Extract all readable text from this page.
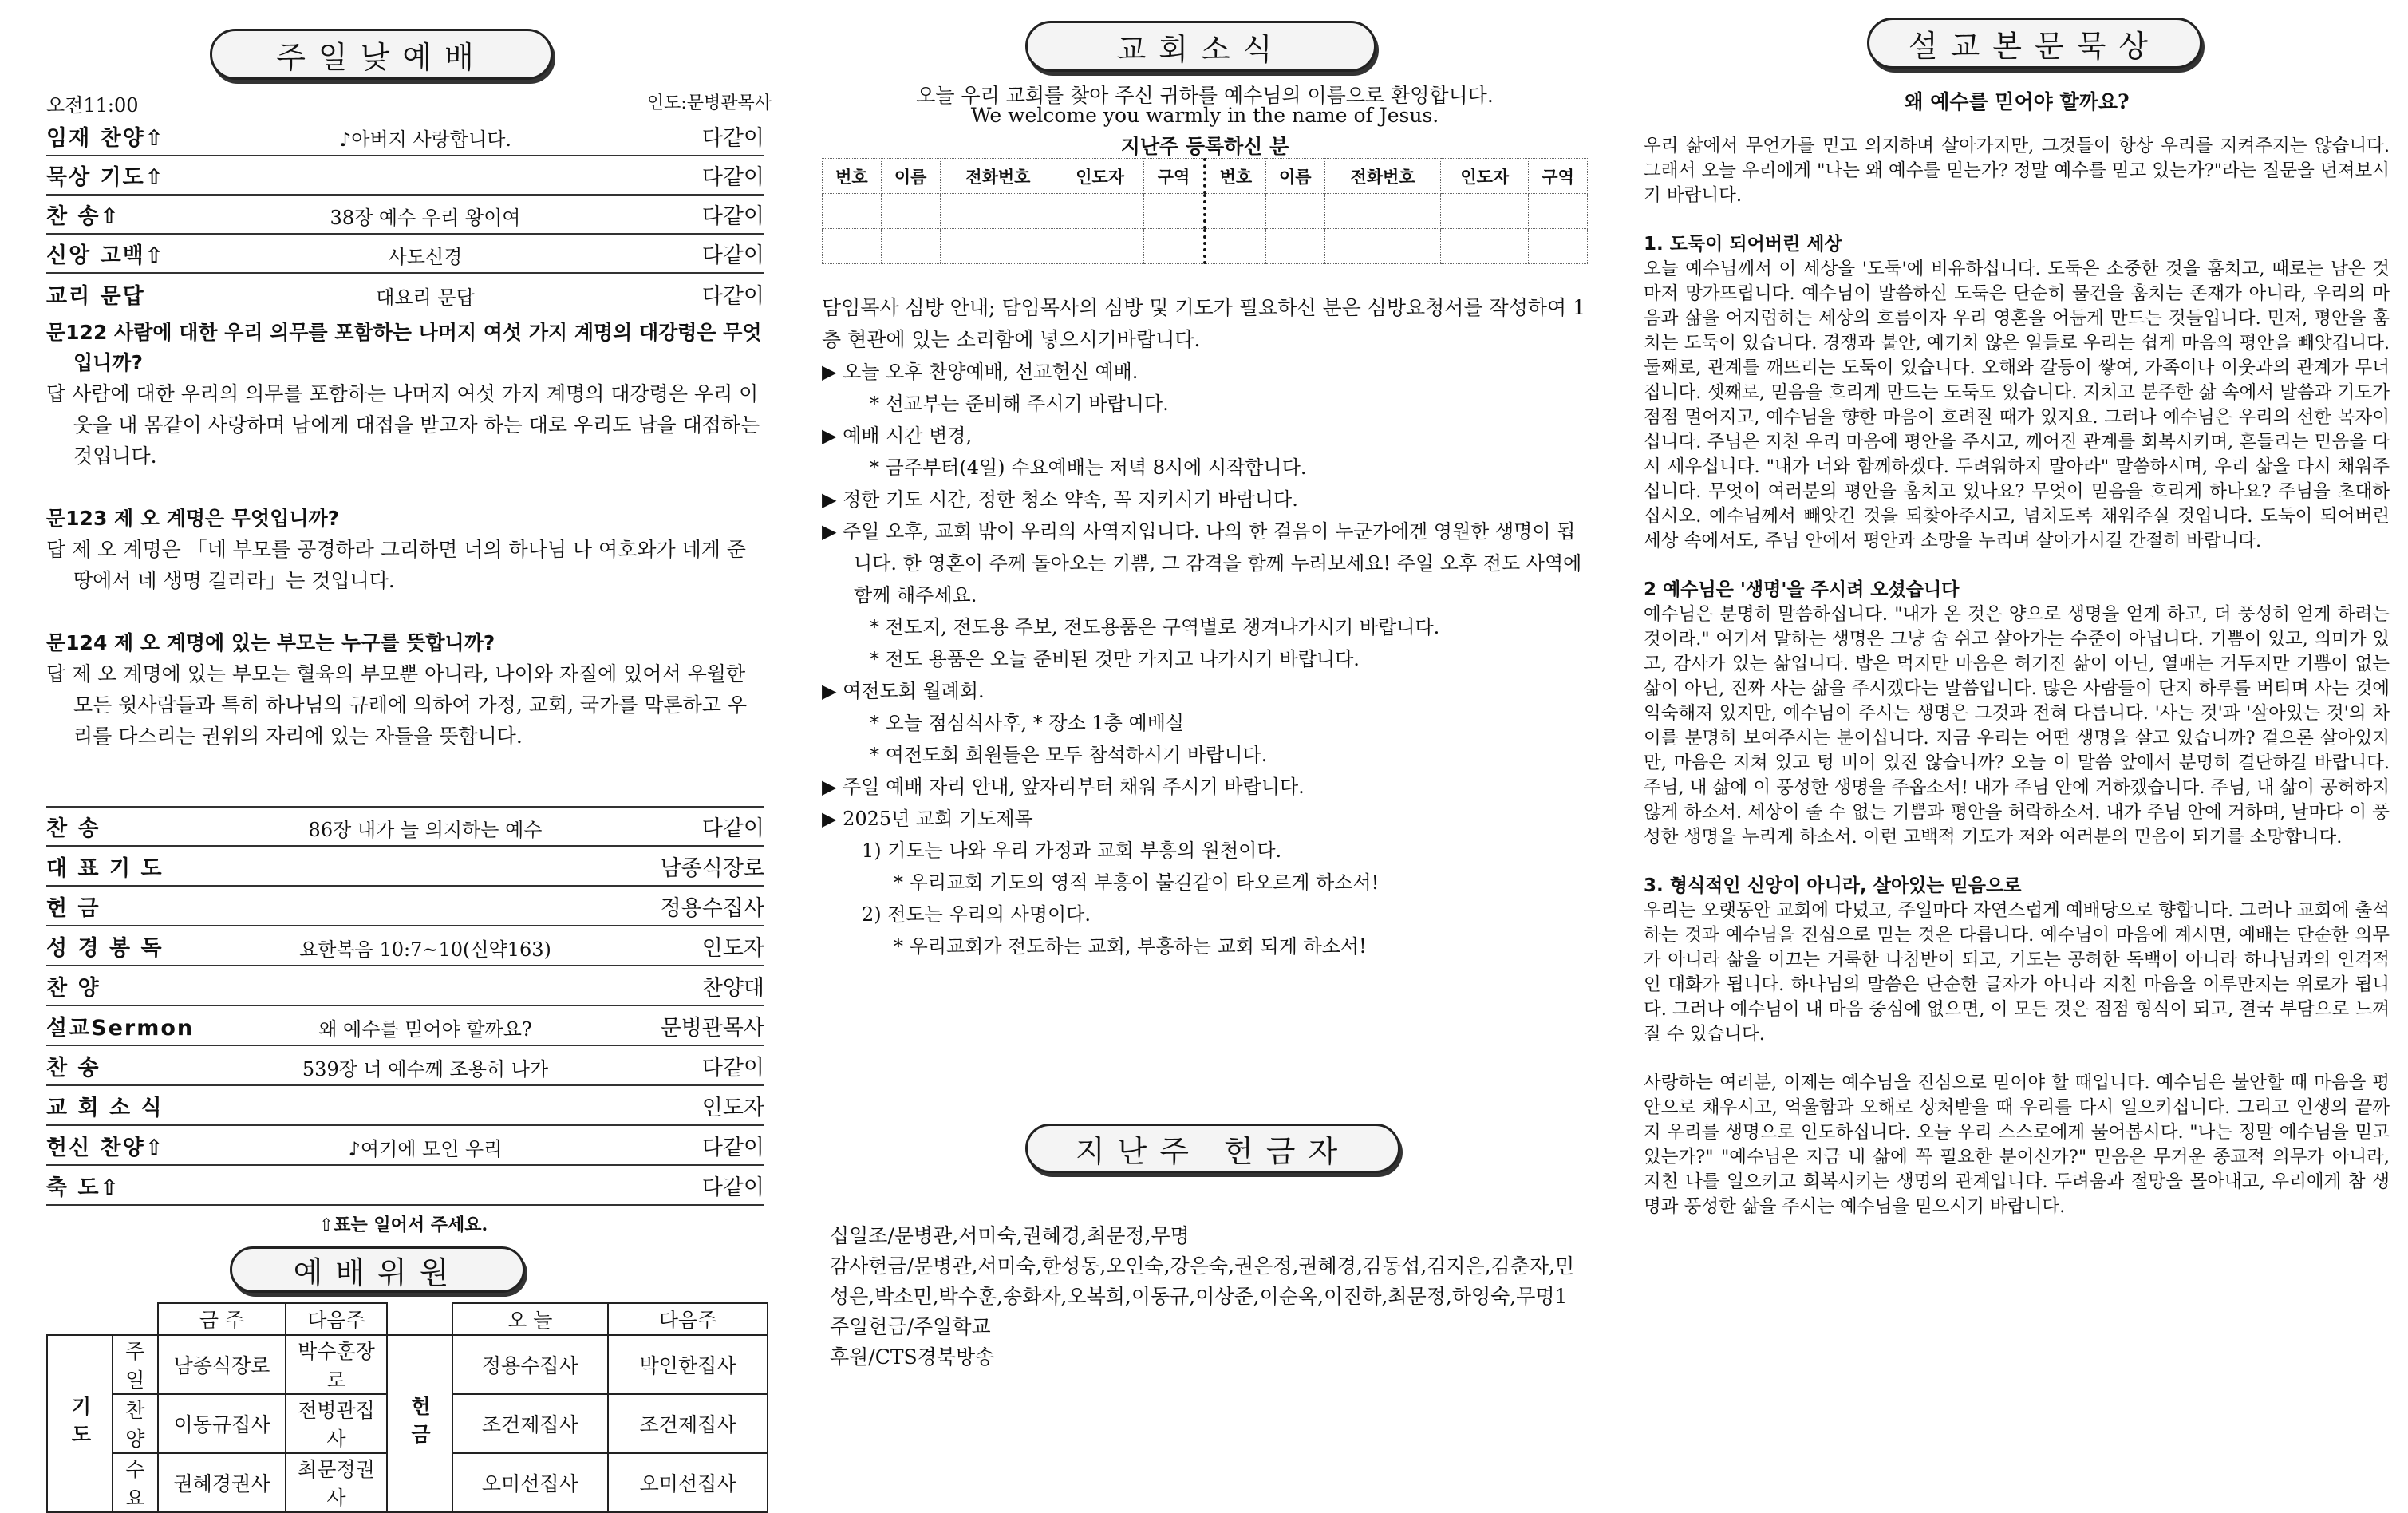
주일낮예배
오전11:00	인도:문병관목사
임재 찬양⇧	♪아버지 사랑합니다.	다같이
묵상 기도⇧	다같이
찬 송⇧	38장 예수 우리 왕이여	다같이
신앙 고백⇧	사도신경	다같이
교리 문답	대요리 문답	다같이
문122 사람에 대한 우리 의무를 포함하는 나머지 여섯 가지 계명의 대강령은 무엇입니까?
답 사람에 대한 우리의 의무를 포함하는 나머지 여섯 가지 계명의 대강령은 우리 이웃을 내 몸같이 사랑하며 남에게 대접을 받고자 하는 대로 우리도 남을 대접하는 것입니다.
문123 제 오 계명은 무엇입니까?
답 제 오 계명은 「네 부모를 공경하라 그리하면 너의 하나님 나 여호와가 네게 준 땅에서 네 생명 길리라」는 것입니다.
문124 제 오 계명에 있는 부모는 누구를 뜻합니까?
답 제 오 계명에 있는 부모는 혈육의 부모뿐 아니라, 나이와 자질에 있어서 우월한 모든 윗사람들과 특히 하나님의 규례에 의하여 가정, 교회, 국가를 막론하고 우리를 다스리는 권위의 자리에 있는 자들을 뜻합니다.
찬 송	86장 내가 늘 의지하는 예수	다같이
대 표 기 도	남종식장로
헌 금	정용수집사
성 경 봉 독	요한복음 10:7~10(신약163)	인도자
찬 양	찬양대
설교Sermon	왜 예수를 믿어야 할까요?	문병관목사
찬 송	539장 너 예수께 조용히 나가	다같이
교 회 소 식	인도자
헌신 찬양⇧	♪여기에 모인 우리	다같이
축 도⇧	다같이
⇧표는 일어서 주세요.
예배위원
		금 주	다음주		오 늘	다음주
기도	주일	남종식장로	박수훈장로	헌금	정용수집사	박인한집사
	찬양	이동규집사	전병관집사		조건제집사	조건제집사
	수요	권혜경권사	최문정권사		오미선집사	오미선집사
교회소식
오늘 우리 교회를 찾아 주신 귀하를 예수님의 이름으로 환영합니다.
We welcome you warmly in the name of Jesus.
지난주 등록하신 분
번호	이름	전화번호	인도자	구역	번호	이름	전화번호	인도자	구역

담임목사 심방 안내; 담임목사의 심방 및 기도가 필요하신 분은 심방요청서를 작성하여 1층 현관에 있는 소리함에 넣으시기바랍니다.
▶ 오늘 오후 찬양예배, 선교헌신 예배.
* 선교부는 준비해 주시기 바랍니다.
▶ 예배 시간 변경,
* 금주부터(4일) 수요예배는 저녁 8시에 시작합니다.
▶ 정한 기도 시간, 정한 청소 약속, 꼭 지키시기 바랍니다.
▶ 주일 오후, 교회 밖이 우리의 사역지입니다. 나의 한 걸음이 누군가에겐 영원한 생명이 됩니다. 한 영혼이 주께 돌아오는 기쁨, 그 감격을 함께 누려보세요! 주일 오후 전도 사역에 함께 해주세요.
* 전도지, 전도용 주보, 전도용품은 구역별로 챙겨나가시기 바랍니다.
* 전도 용품은 오늘 준비된 것만 가지고 나가시기 바랍니다.
▶ 여전도회 월례회.
* 오늘 점심식사후, * 장소 1층 예배실
* 여전도회 회원들은 모두 참석하시기 바랍니다.
▶ 주일 예배 자리 안내, 앞자리부터 채워 주시기 바랍니다.
▶ 2025년 교회 기도제목
1) 기도는 나와 우리 가정과 교회 부흥의 원천이다.
* 우리교회 기도의 영적 부흥이 불길같이 타오르게 하소서!
2) 전도는 우리의 사명이다.
* 우리교회가 전도하는 교회, 부흥하는 교회 되게 하소서!
지난주 헌금자
십일조/문병관,서미숙,권혜경,최문정,무명
감사헌금/문병관,서미숙,한성동,오인숙,강은숙,권은정,권혜경,김동섭,김지은,김춘자,민성은,박소민,박수훈,송화자,오복희,이동규,이상준,이순옥,이진하,최문정,하영숙,무명1
주일헌금/주일학교
후원/CTS경북방송
설교본문묵상
왜 예수를 믿어야 할까요?

우리 삶에서 무언가를 믿고 의지하며 살아가지만, 그것들이 항상 우리를 지켜주지는 않습니다. 그래서 오늘 우리에게 "나는 왜 예수를 믿는가? 정말 예수를 믿고 있는가?"라는 질문을 던져보시기 바랍니다.

1. 도둑이 되어버린 세상

오늘 예수님께서 이 세상을 '도둑'에 비유하십니다. 도둑은 소중한 것을 훔치고, 때로는 남은 것마저 망가뜨립니다. 예수님이 말씀하신 도둑은 단순히 물건을 훔치는 존재가 아니라, 우리의 마음과 삶을 어지럽히는 세상의 흐름이자 우리 영혼을 어둡게 만드는 것들입니다. 먼저, 평안을 훔치는 도둑이 있습니다. 경쟁과 불안, 예기치 않은 일들로 우리는 쉽게 마음의 평안을 빼앗깁니다. 둘째로, 관계를 깨뜨리는 도둑이 있습니다. 오해와 갈등이 쌓여, 가족이나 이웃과의 관계가 무너집니다. 셋째로, 믿음을 흐리게 만드는 도둑도 있습니다. 지치고 분주한 삶 속에서 말씀과 기도가 점점 멀어지고, 예수님을 향한 마음이 흐려질 때가 있지요. 그러나 예수님은 우리의 선한 목자이십니다. 주님은 지친 우리 마음에 평안을 주시고, 깨어진 관계를 회복시키며, 흔들리는 믿음을 다시 세우십니다. "내가 너와 함께하겠다. 두려워하지 말아라" 말씀하시며, 우리 삶을 다시 채워주십니다. 무엇이 여러분의 평안을 훔치고 있나요? 무엇이 믿음을 흐리게 하나요? 주님을 초대하십시오. 예수님께서 빼앗긴 것을 되찾아주시고, 넘치도록 채워주실 것입니다. 도둑이 되어버린 세상 속에서도, 주님 안에서 평안과 소망을 누리며 살아가시길 간절히 바랍니다.

2 예수님은 '생명'을 주시려 오셨습니다

예수님은 분명히 말씀하십니다. "내가 온 것은 양으로 생명을 얻게 하고, 더 풍성히 얻게 하려는 것이라." 여기서 말하는 생명은 그냥 숨 쉬고 살아가는 수준이 아닙니다. 기쁨이 있고, 의미가 있고, 감사가 있는 삶입니다. 밥은 먹지만 마음은 허기진 삶이 아닌, 열매는 거두지만 기쁨이 없는 삶이 아닌, 진짜 사는 삶을 주시겠다는 말씀입니다. 많은 사람들이 단지 하루를 버티며 사는 것에 익숙해져 있지만, 예수님이 주시는 생명은 그것과 전혀 다릅니다. '사는 것'과 '살아있는 것'의 차이를 분명히 보여주시는 분이십니다. 지금 우리는 어떤 생명을 살고 있습니까? 겉으론 살아있지만, 마음은 지쳐 있고 텅 비어 있진 않습니까? 오늘 이 말씀 앞에서 분명히 결단하길 바랍니다. 주님, 내 삶에 이 풍성한 생명을 주옵소서! 내가 주님 안에 거하겠습니다. 주님, 내 삶이 공허하지 않게 하소서. 세상이 줄 수 없는 기쁨과 평안을 허락하소서. 내가 주님 안에 거하며, 날마다 이 풍성한 생명을 누리게 하소서. 이런 고백적 기도가 저와 여러분의 믿음이 되기를 소망합니다.

3. 형식적인 신앙이 아니라, 살아있는 믿음으로

우리는 오랫동안 교회에 다녔고, 주일마다 자연스럽게 예배당으로 향합니다. 그러나 교회에 출석하는 것과 예수님을 진심으로 믿는 것은 다릅니다. 예수님이 마음에 계시면, 예배는 단순한 의무가 아니라 삶을 이끄는 거룩한 나침반이 되고, 기도는 공허한 독백이 아니라 하나님과의 인격적인 대화가 됩니다. 하나님의 말씀은 단순한 글자가 아니라 지친 마음을 어루만지는 위로가 됩니다. 그러나 예수님이 내 마음 중심에 없으면, 이 모든 것은 점점 형식이 되고, 결국 부담으로 느껴질 수 있습니다.

사랑하는 여러분, 이제는 예수님을 진심으로 믿어야 할 때입니다. 예수님은 불안할 때 마음을 평안으로 채우시고, 억울함과 오해로 상처받을 때 우리를 다시 일으키십니다. 그리고 인생의 끝까지 우리를 생명으로 인도하십니다. 오늘 우리 스스로에게 물어봅시다. "나는 정말 예수님을 믿고 있는가?" "예수님은 지금 내 삶에 꼭 필요한 분이신가?" 믿음은 무거운 종교적 의무가 아니라, 지친 나를 일으키고 회복시키는 생명의 관계입니다. 두려움과 절망을 몰아내고, 우리에게 참 생명과 풍성한 삶을 주시는 예수님을 믿으시기 바랍니다.
